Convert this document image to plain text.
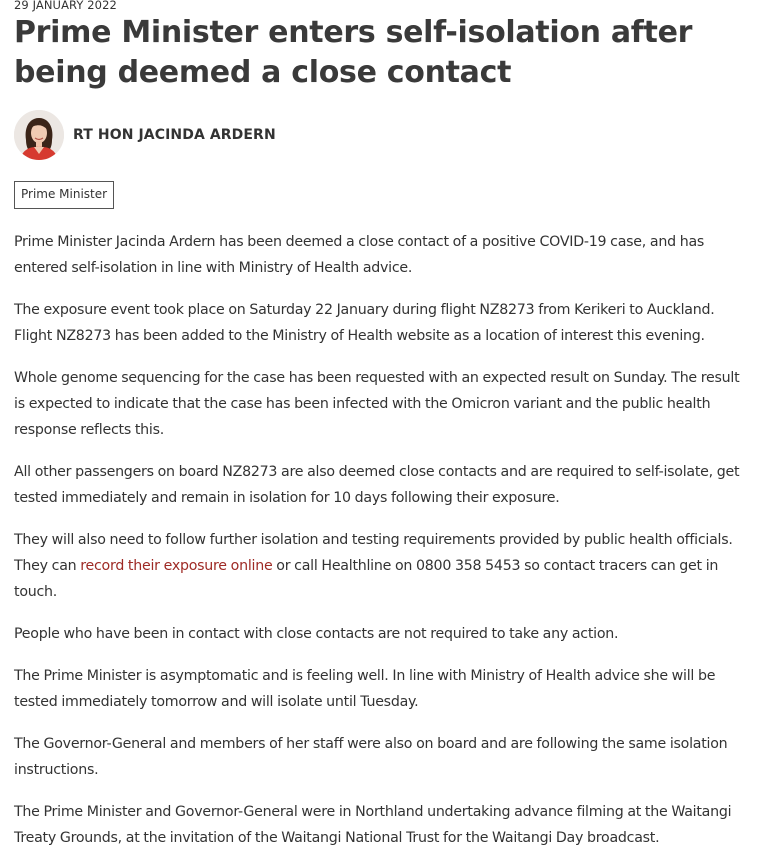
29 JANUARY 2022
Prime Minister enters self-isolation after being deemed a close contact
RT HON JACINDA ARDERN
Prime Minister

Prime Minister Jacinda Ardern has been deemed a close contact of a positive COVID-19 case, and has entered self-isolation in line with Ministry of Health advice.

The exposure event took place on Saturday 22 January during flight NZ8273 from Kerikeri to Auckland. Flight NZ8273 has been added to the Ministry of Health website as a location of interest this evening.

Whole genome sequencing for the case has been requested with an expected result on Sunday. The result is expected to indicate that the case has been infected with the Omicron variant and the public health response reflects this.

All other passengers on board NZ8273 are also deemed close contacts and are required to self-isolate, get tested immediately and remain in isolation for 10 days following their exposure.

They will also need to follow further isolation and testing requirements provided by public health officials. They can record their exposure online or call Healthline on 0800 358 5453 so contact tracers can get in touch.

People who have been in contact with close contacts are not required to take any action.

The Prime Minister is asymptomatic and is feeling well. In line with Ministry of Health advice she will be tested immediately tomorrow and will isolate until Tuesday.

The Governor-General and members of her staff were also on board and are following the same isolation instructions.

The Prime Minister and Governor-General were in Northland undertaking advance filming at the Waitangi Treaty Grounds, at the invitation of the Waitangi National Trust for the Waitangi Day broadcast.
